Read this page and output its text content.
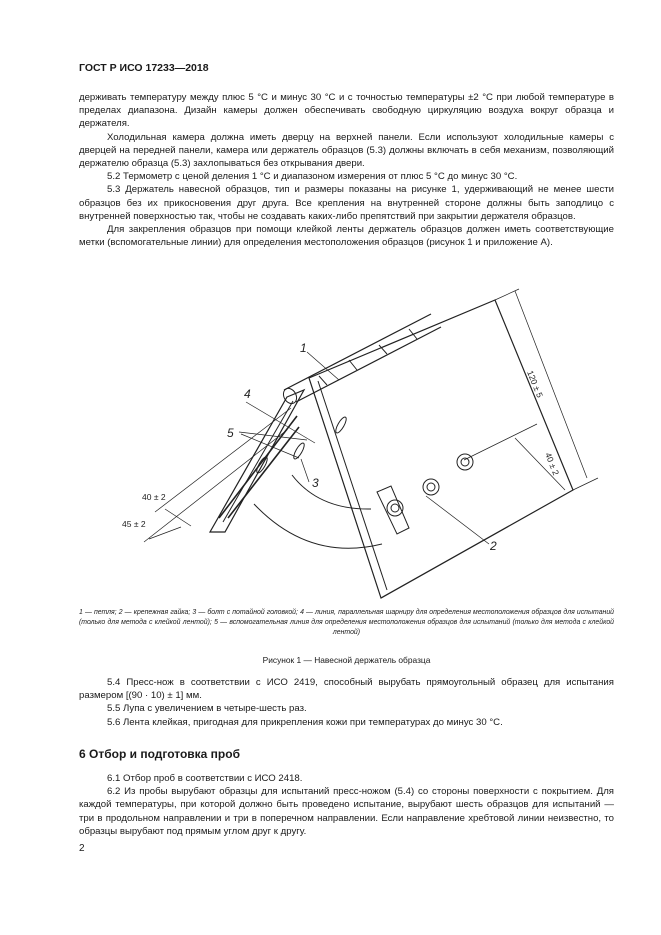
ГОСТ Р ИСО 17233—2018

держивать температуру между плюс 5 °С и минус 30 °С и с точностью температуры ±2 °С при любой температуре в пределах диапазона. Дизайн камеры должен обеспечивать свободную циркуляцию воздуха вокруг образца и держателя.

Холодильная камера должна иметь дверцу на верхней панели. Если используют холодильные камеры с дверцей на передней панели, камера или держатель образцов (5.3) должны включать в себя механизм, позволяющий держателю образца (5.3) захлопываться без открывания двери.

5.2 Термометр с ценой деления 1 °С и диапазоном измерения от плюс 5 °С до минус 30 °С.

5.3 Держатель навесной образцов, тип и размеры показаны на рисунке 1, удерживающий не менее шести образцов без их прикосновения друг друга. Все крепления на внутренней стороне должны быть заподлицо с внутренней поверхностью так, чтобы не создавать каких-либо препятствий при закрытии держателя образцов.

Для закрепления образцов при помощи клейкой ленты держатель образцов должен иметь соответствующие метки (вспомогательные линии) для определения местоположения образцов (рисунок 1 и приложение А).

1
4
5
3
2
120 ± 5
40 ± 2
40 ± 2
45 ± 2
1 — петля; 2 — крепежная гайка; 3 — болт с потайной головкой; 4 — линия, параллельная шарниру для определения местоположения образцов для испытаний (только для метода с клейкой лентой); 5 — вспомогательная линия для определения местоположения образцов для испытаний (только для метода с клейкой лентой)
Рисунок 1 — Навесной держатель образца

5.4 Пресс-нож в соответствии с ИСО 2419, способный вырубать прямоугольный образец для испытания размером [(90 · 10) ± 1] мм.

5.5 Лупа с увеличением в четыре-шесть раз.

5.6 Лента клейкая, пригодная для прикрепления кожи при температурах до минус 30 °С.

6 Отбор и подготовка проб

6.1 Отбор проб в соответствии с ИСО 2418.

6.2 Из пробы вырубают образцы для испытаний пресс-ножом (5.4) со стороны поверхности с покрытием. Для каждой температуры, при которой должно быть проведено испытание, вырубают шесть образцов для испытаний — три в продольном направлении и три в поперечном направлении. Если направление хребтовой линии неизвестно, то образцы вырубают под прямым углом друг к другу.

2
